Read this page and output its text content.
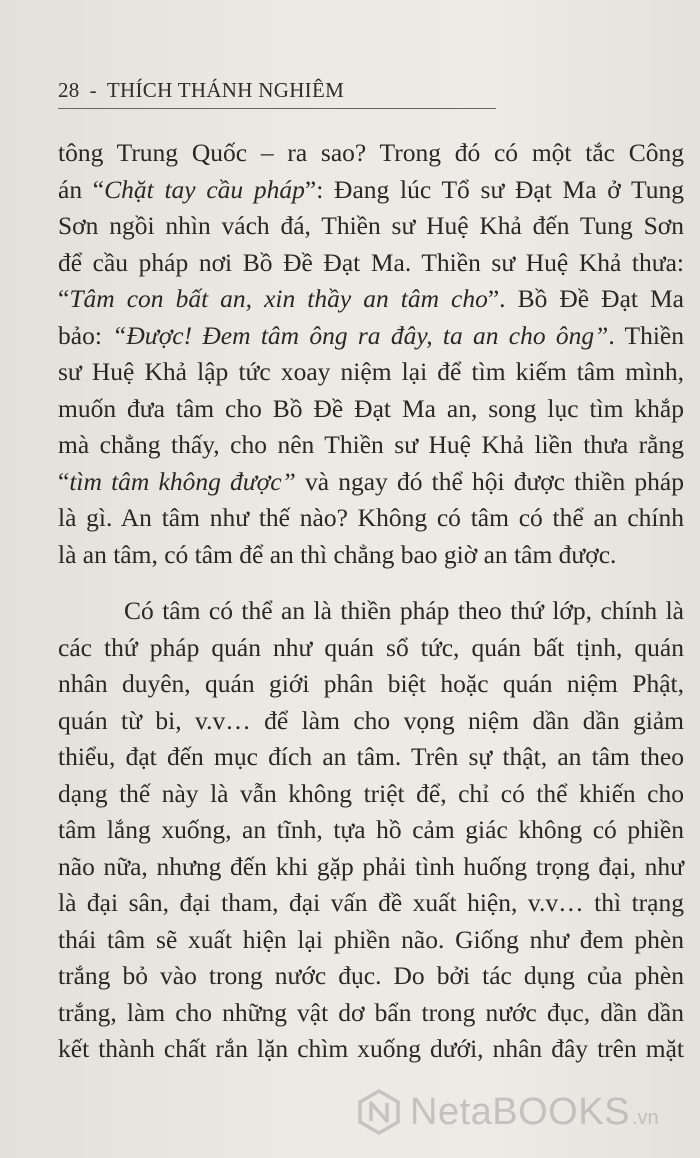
28 - THÍCH THÁNH NGHIÊM
tông Trung Quốc – ra sao? Trong đó có một tắc Công
án “Chặt tay cầu pháp”: Đang lúc Tổ sư Đạt Ma ở Tung
Sơn ngồi nhìn vách đá, Thiền sư Huệ Khả đến Tung Sơn
để cầu pháp nơi Bồ Đề Đạt Ma. Thiền sư Huệ Khả thưa:
“Tâm con bất an, xin thầy an tâm cho”. Bồ Đề Đạt Ma
bảo: “Được! Đem tâm ông ra đây, ta an cho ông”. Thiền
sư Huệ Khả lập tức xoay niệm lại để tìm kiếm tâm mình,
muốn đưa tâm cho Bồ Đề Đạt Ma an, song lục tìm khắp
mà chẳng thấy, cho nên Thiền sư Huệ Khả liền thưa rằng
“tìm tâm không được” và ngay đó thể hội được thiền pháp
là gì. An tâm như thế nào? Không có tâm có thể an chính
là an tâm, có tâm để an thì chẳng bao giờ an tâm được.
Có tâm có thể an là thiền pháp theo thứ lớp, chính là
các thứ pháp quán như quán sổ tức, quán bất tịnh, quán
nhân duyên, quán giới phân biệt hoặc quán niệm Phật,
quán từ bi, v.v… để làm cho vọng niệm dần dần giảm
thiểu, đạt đến mục đích an tâm. Trên sự thật, an tâm theo
dạng thế này là vẫn không triệt để, chỉ có thể khiến cho
tâm lắng xuống, an tĩnh, tựa hồ cảm giác không có phiền
não nữa, nhưng đến khi gặp phải tình huống trọng đại, như
là đại sân, đại tham, đại vấn đề xuất hiện, v.v… thì trạng
thái tâm sẽ xuất hiện lại phiền não. Giống như đem phèn
trắng bỏ vào trong nước đục. Do bởi tác dụng của phèn
trắng, làm cho những vật dơ bẩn trong nước đục, dần dần
kết thành chất rắn lặn chìm xuống dưới, nhân đây trên mặt
NetaBOOKS .vn
